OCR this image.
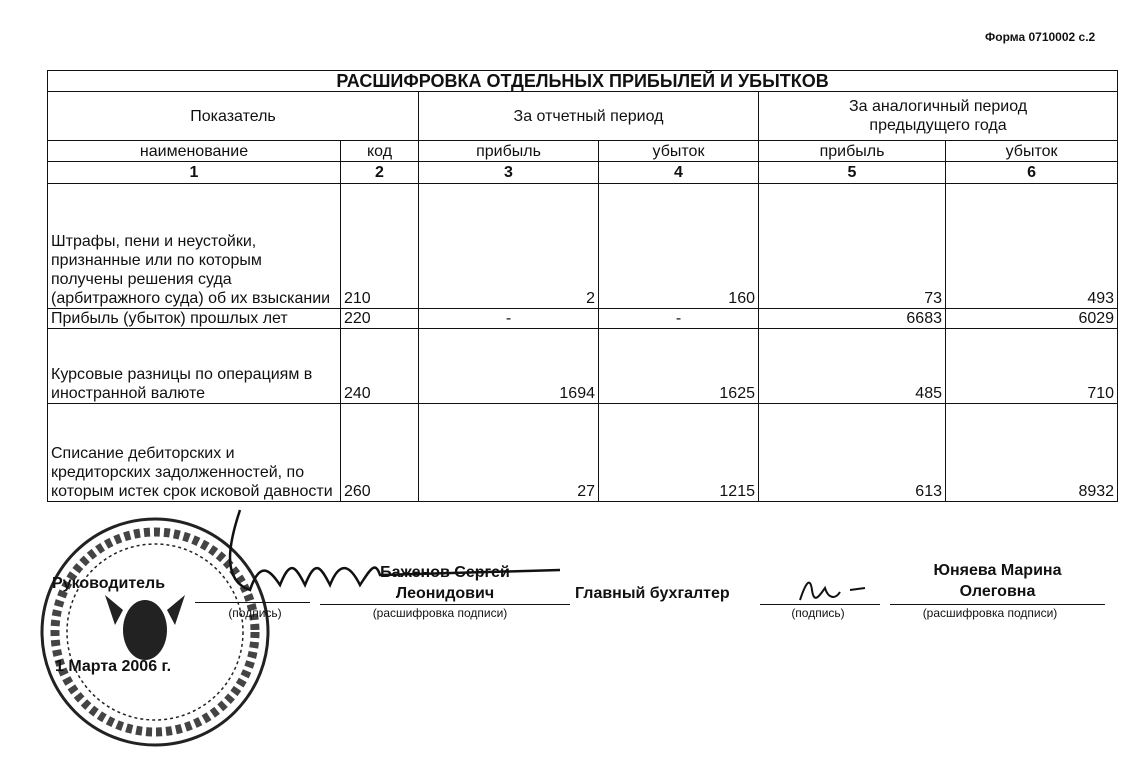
Форма 0710002 с.2
РАСШИФРОВКА ОТДЕЛЬНЫХ ПРИБЫЛЕЙ И УБЫТКОВ					
Показатель		За отчетный период		За аналогичный период предыдущего года	
наименование	код	прибыль	убыток	прибыль	убыток
1	2	3	4	5	6
Штрафы, пени и неустойки, признанные или по которым получены решения суда (арбитражного суда) об их взыскании	210	2	160	73	493
Прибыль (убыток) прошлых лет	220	-	-	6683	6029
Курсовые разницы по операциям в иностранной валюте	240	1694	1625	485	710
Списание дебиторских и кредиторских задолженностей, по которым истек срок исковой давности	260	27	1215	613	8932
Руководитель
(подпись)
Баженов Сергей
Леонидович
(расшифровка подписи)
Главный бухгалтер
(подпись)
Юняева Марина
Олеговна
(расшифровка подписи)
1 Марта 2006 г.
